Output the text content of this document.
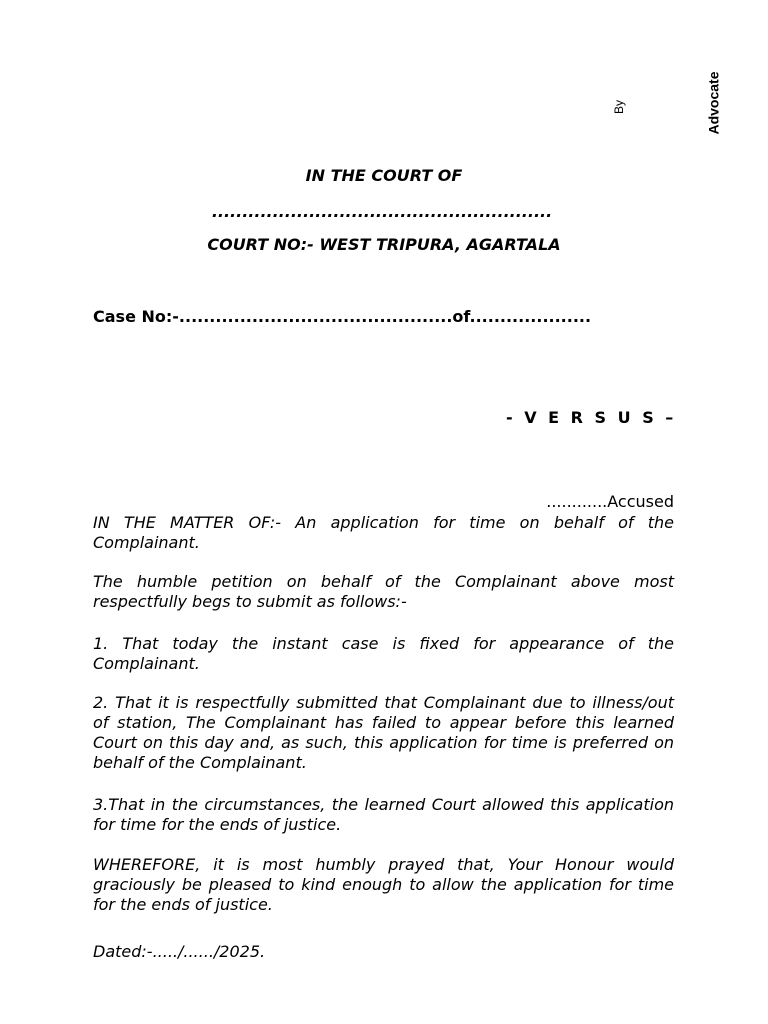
By	Advocate
IN THE COURT OF
........................................................
COURT NO:- WEST TRIPURA, AGARTALA
Case No:-.............................................of....................
- V E R S U S –
............Accused
IN THE MATTER OF:- An application for time on behalf of the Complainant.
The humble petition on behalf of the Complainant above most respectfully begs to submit as follows:-
1. That today the instant case is fixed for appearance of the Complainant.
2. That it is respectfully submitted that Complainant due to illness/out of station, The Complainant has failed to appear before this learned Court on this day and, as such, this application for time is preferred on behalf of the Complainant.
3.That in the circumstances, the learned Court allowed this application for time for the ends of justice.
WHEREFORE, it is most humbly prayed that, Your Honour would graciously be pleased to kind enough to allow the application for time for the ends of justice.
Dated:-...../....../2025.
